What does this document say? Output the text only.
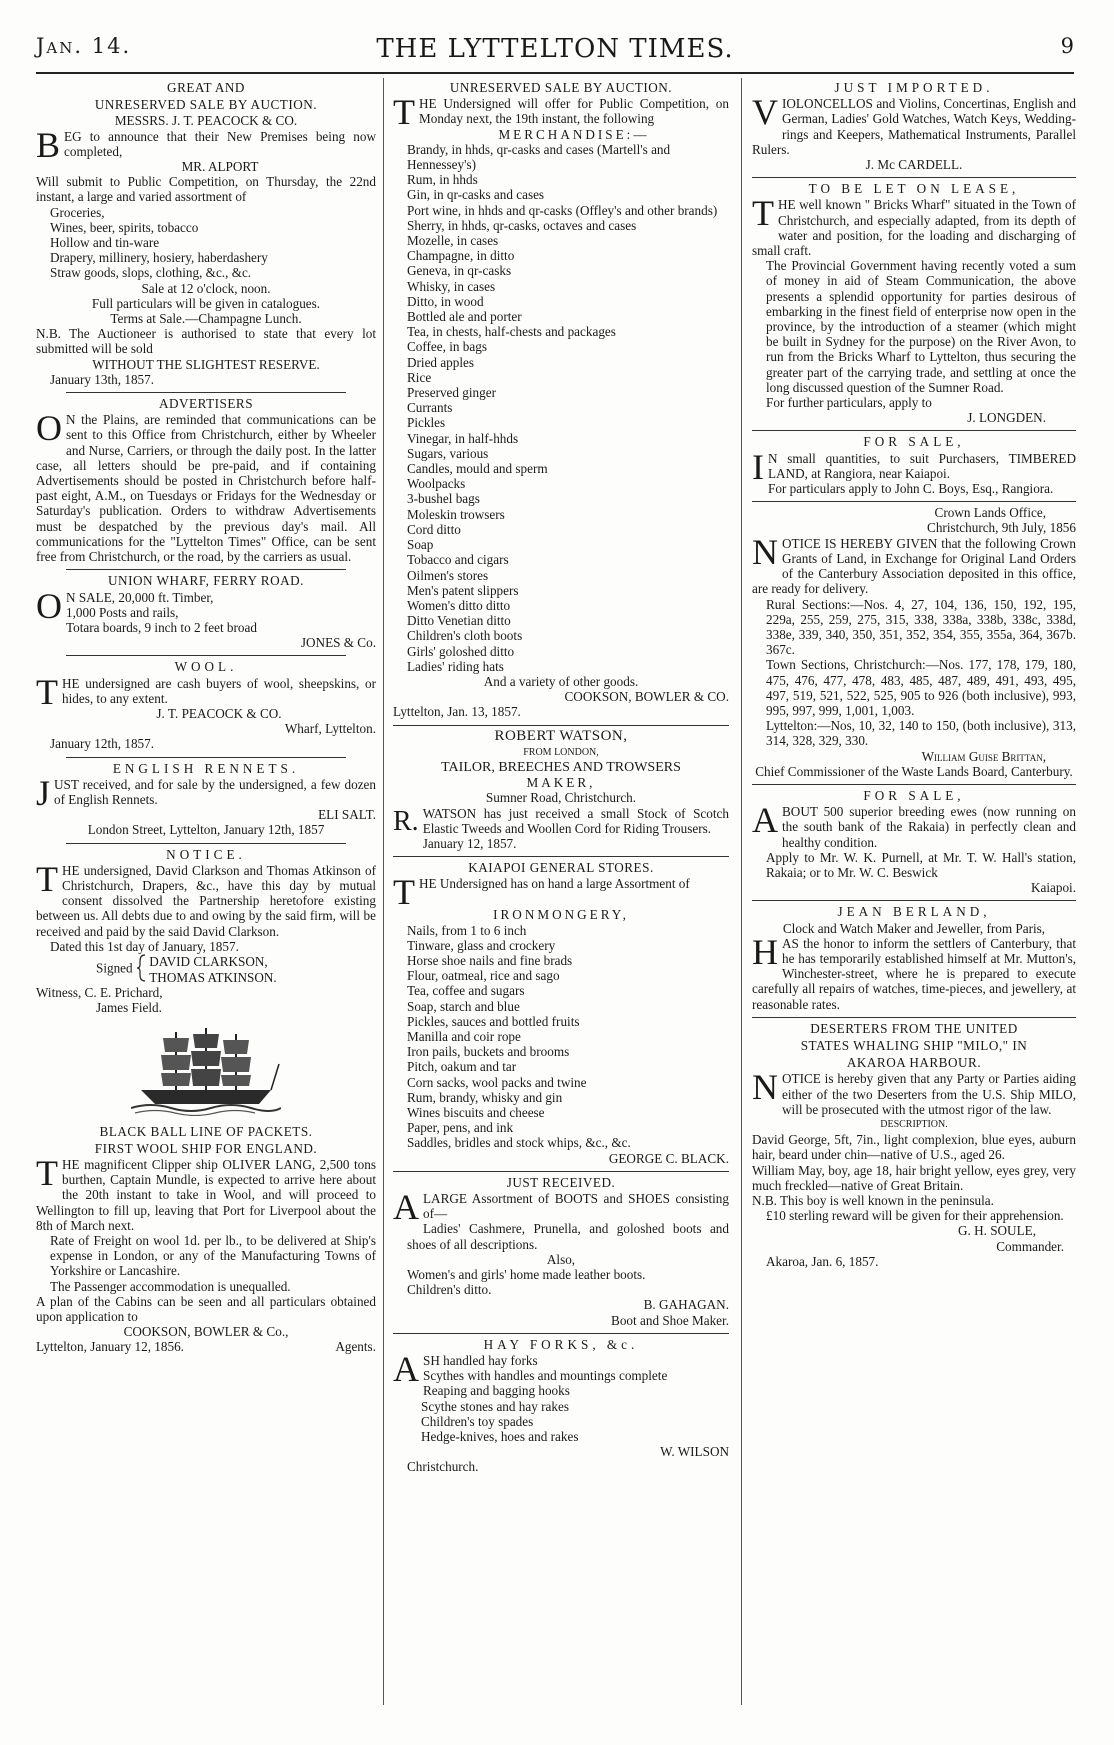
Jan. 14.	THE LYTTELTON TIMES.	9
GREAT AND
UNRESERVED SALE BY AUCTION.
MESSRS. J. T. PEACOCK & CO.

BEG to announce that their New Premises being now completed,

MR. ALPORT

Will submit to Public Competition, on Thursday, the 22nd instant, a large and varied assortment of

Groceries,
Wines, beer, spirits, tobacco
Hollow and tin-ware
Drapery, millinery, hosiery, haberdashery
Straw goods, slops, clothing, &c., &c.
Sale at 12 o'clock, noon.
Full particulars will be given in catalogues.
Terms at Sale.—Champagne Lunch.

N.B. The Auctioneer is authorised to state that every lot submitted will be sold

WITHOUT THE SLIGHTEST RESERVE.
January 13th, 1857.
ADVERTISERS

O N the Plains, are reminded that communications can be sent to this Office from Christchurch, either by Wheeler and Nurse, Carriers, or through the daily post. In the latter case, all letters should be pre-paid, and if containing Advertisements should be posted in Christchurch before half-past eight, A.M., on Tuesdays or Fridays for the Wednesday or Saturday's publication. Orders to withdraw Advertisements must be despatched by the previous day's mail. All communications for the "Lyttelton Times" Office, can be sent free from Christchurch, or the road, by the carriers as usual.

UNION WHARF, FERRY ROAD.
O N SALE, 20,000 ft. Timber,
1,000 Posts and rails,
Totara boards, 9 inch to 2 feet broad
JONES & Co.
WOOL.

THE undersigned are cash buyers of wool, sheepskins, or hides, to any extent.

J. T. PEACOCK & CO.
Wharf, Lyttelton.
January 12th, 1857.
ENGLISH RENNETS.

JUST received, and for sale by the undersigned, a few dozen of English Rennets.

ELI SALT.
London Street, Lyttelton, January 12th, 1857
NOTICE.

THE undersigned, David Clarkson and Thomas Atkinson of Christchurch, Drapers, &c., have this day by mutual consent dissolved the Partnership heretofore existing between us. All debts due to and owing by the said firm, will be received and paid by the said David Clarkson.

Dated this 1st day of January, 1857.
Signed DAVID CLARKSON,
THOMAS ATKINSON.
Witness, C. E. Prichard,
James Field.
BLACK BALL LINE OF PACKETS.
FIRST WOOL SHIP FOR ENGLAND.

THE magnificent Clipper ship OLIVER LANG, 2,500 tons burthen, Captain Mundle, is expected to arrive here about the 20th instant to take in Wool, and will proceed to Wellington to fill up, leaving that Port for Liverpool about the 8th of March next.

Rate of Freight on wool 1d. per lb., to be delivered at Ship's expense in London, or any of the Manufacturing Towns of Yorkshire or Lancashire.

The Passenger accommodation is unequalled.

A plan of the Cabins can be seen and all particulars obtained upon application to

COOKSON, BOWLER & Co.,
Lyttelton, January 12, 1856.	Agents.
UNRESERVED SALE BY AUCTION.

THE Undersigned will offer for Public Competition, on Monday next, the 19th instant, the following

MERCHANDISE:—
Brandy, in hhds, qr-casks and cases (Martell's and Hennessey's)
Rum, in hhds
Gin, in qr-casks and cases
Port wine, in hhds and qr-casks (Offley's and other brands)
Sherry, in hhds, qr-casks, octaves and cases
Mozelle, in cases
Champagne, in ditto
Geneva, in qr-casks
Whisky, in cases
Ditto, in wood
Bottled ale and porter
Tea, in chests, half-chests and packages
Coffee, in bags
Dried apples
Rice
Preserved ginger
Currants
Pickles
Vinegar, in half-hhds
Sugars, various
Candles, mould and sperm
Woolpacks
3-bushel bags
Moleskin trowsers
Cord ditto
Soap
Tobacco and cigars
Oilmen's stores
Men's patent slippers
Women's ditto ditto
Ditto Venetian ditto
Children's cloth boots
Girls' goloshed ditto
Ladies' riding hats
And a variety of other goods.
COOKSON, BOWLER & CO.
Lyttelton, Jan. 13, 1857.
ROBERT WATSON,
FROM LONDON,
TAILOR, BREECHES AND TROWSERS
MAKER,
Sumner Road, Christchurch.

R. WATSON has just received a small Stock of Scotch Elastic Tweeds and Woollen Cord for Riding Trousers.

January 12, 1857.
KAIAPOI GENERAL STORES.

THE Undersigned has on hand a large Assortment of

IRONMONGERY,
Nails, from 1 to 6 inch
Tinware, glass and crockery
Horse shoe nails and fine brads
Flour, oatmeal, rice and sago
Tea, coffee and sugars
Soap, starch and blue
Pickles, sauces and bottled fruits
Manilla and coir rope
Iron pails, buckets and brooms
Pitch, oakum and tar
Corn sacks, wool packs and twine
Rum, brandy, whisky and gin
Wines biscuits and cheese
Paper, pens, and ink
Saddles, bridles and stock whips, &c., &c.
GEORGE C. BLACK.
JUST RECEIVED.

ALARGE Assortment of BOOTS and SHOES consisting of—

Ladies' Cashmere, Prunella, and goloshed boots and shoes of all descriptions.

Also,
Women's and girls' home made leather boots.
Children's ditto.
B. GAHAGAN.
Boot and Shoe Maker.
HAY FORKS, &c.

ASH handled hay forks

Scythes with handles and mountings complete
Reaping and bagging hooks
Scythe stones and hay rakes
Children's toy spades
Hedge-knives, hoes and rakes
W. WILSON
Christchurch.
JUST IMPORTED.

VIOLONCELLOS and Violins, Concertinas, English and German, Ladies' Gold Watches, Watch Keys, Wedding-rings and Keepers, Mathematical Instruments, Parallel Rulers.

J. Mc CARDELL.
TO BE LET ON LEASE,

THE well known " Bricks Wharf" situated in the Town of Christchurch, and especially adapted, from its depth of water and position, for the loading and discharging of small craft.

The Provincial Government having recently voted a sum of money in aid of Steam Communication, the above presents a splendid opportunity for parties desirous of embarking in the finest field of enterprise now open in the province, by the introduction of a steamer (which might be built in Sydney for the purpose) on the River Avon, to run from the Bricks Wharf to Lyttelton, thus securing the greater part of the carrying trade, and settling at once the long discussed question of the Sumner Road.

For further particulars, apply to
J. LONGDEN.
FOR SALE,

I N small quantities, to suit Purchasers, TIMBERED LAND, at Rangiora, near Kaiapoi.

For particulars apply to John C. Boys, Esq., Rangiora.

Crown Lands Office,
Christchurch, 9th July, 1856

NOTICE IS HEREBY GIVEN that the following Crown Grants of Land, in Exchange for Original Land Orders of the Canterbury Association deposited in this office, are ready for delivery.

Rural Sections:—Nos. 4, 27, 104, 136, 150, 192, 195, 229a, 255, 259, 275, 315, 338, 338a, 338b, 338c, 338d, 338e, 339, 340, 350, 351, 352, 354, 355, 355a, 364, 367b. 367c.

Town Sections, Christchurch:—Nos. 177, 178, 179, 180, 475, 476, 477, 478, 483, 485, 487, 489, 491, 493, 495, 497, 519, 521, 522, 525, 905 to 926 (both inclusive), 993, 995, 997, 999, 1,001, 1,003.

Lyttelton:—Nos, 10, 32, 140 to 150, (both inclusive), 313, 314, 328, 329, 330.

William Guise Brittan,
Chief Commissioner of the Waste Lands Board, Canterbury.
FOR SALE,

ABOUT 500 superior breeding ewes (now running on the south bank of the Rakaia) in perfectly clean and healthy condition.

Apply to Mr. W. K. Purnell, at Mr. T. W. Hall's station, Rakaia; or to Mr. W. C. Beswick

Kaiapoi.
JEAN BERLAND,
Clock and Watch Maker and Jeweller, from Paris,

HAS the honor to inform the settlers of Canterbury, that he has temporarily established himself at Mr. Mutton's, Winchester-street, where he is prepared to execute carefully all repairs of watches, time-pieces, and jewellery, at reasonable rates.

DESERTERS FROM THE UNITED
STATES WHALING SHIP "MILO," IN
AKAROA HARBOUR.

NOTICE is hereby given that any Party or Parties aiding either of the two Deserters from the U.S. Ship MILO, will be prosecuted with the utmost rigor of the law.

DESCRIPTION.

David George, 5ft, 7in., light complexion, blue eyes, auburn hair, beard under chin—native of U.S., aged 26.

William May, boy, age 18, hair bright yellow, eyes grey, very much freckled—native of Great Britain.

N.B. This boy is well known in the peninsula.

£10 sterling reward will be given for their apprehension.

G. H. SOULE,
Commander.
Akaroa, Jan. 6, 1857.
